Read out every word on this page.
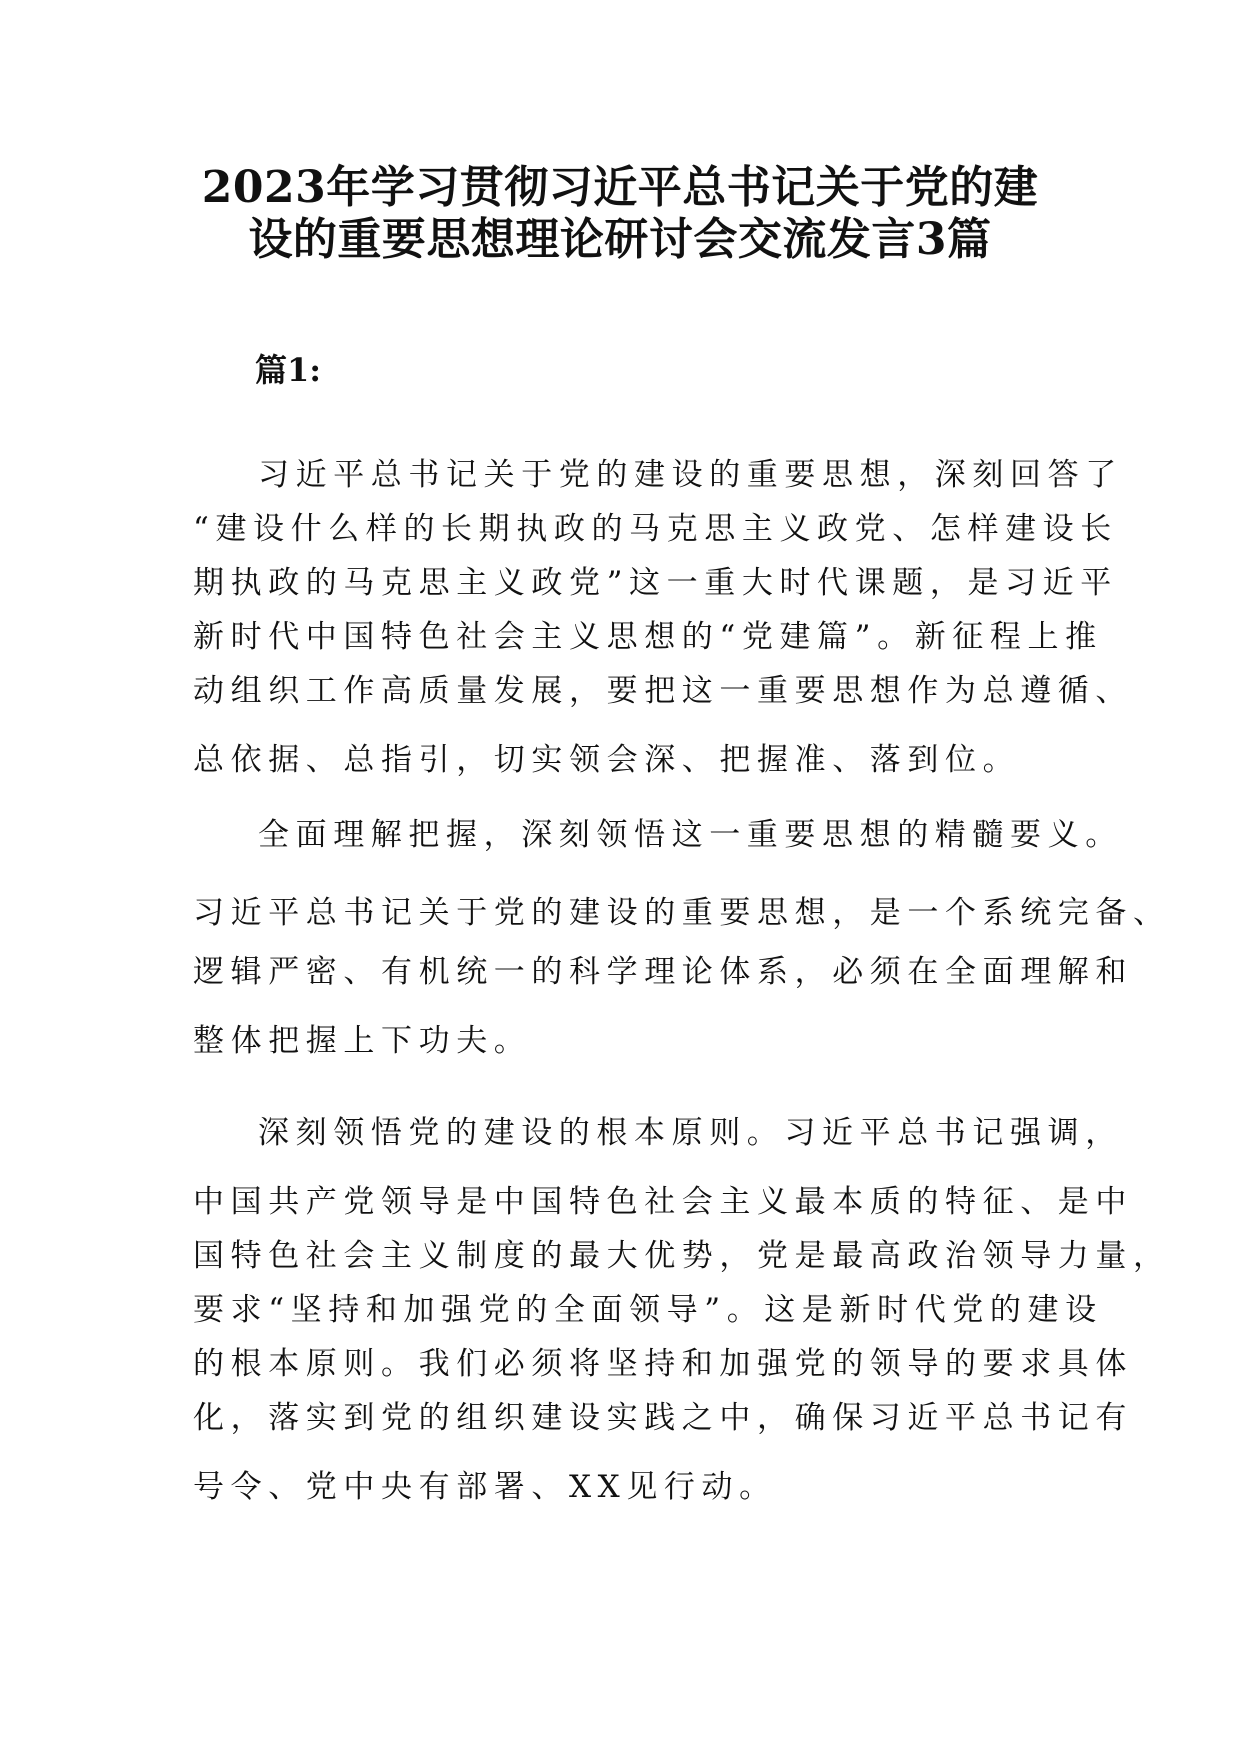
2023年学习贯彻习近平总书记关于党的建
设的重要思想理论研讨会交流发言3篇
篇1:
习近平总书记关于党的建设的重要思想，深刻回答了
“建设什么样的长期执政的马克思主义政党、怎样建设长
期执政的马克思主义政党”这一重大时代课题，是习近平
新时代中国特色社会主义思想的“党建篇”。新征程上推
动组织工作高质量发展，要把这一重要思想作为总遵循、
总依据、总指引，切实领会深、把握准、落到位。
全面理解把握，深刻领悟这一重要思想的精髓要义。
习近平总书记关于党的建设的重要思想，是一个系统完备、
逻辑严密、有机统一的科学理论体系，必须在全面理解和
整体把握上下功夫。
深刻领悟党的建设的根本原则。习近平总书记强调，
中国共产党领导是中国特色社会主义最本质的特征、是中
国特色社会主义制度的最大优势，党是最高政治领导力量，
要求“坚持和加强党的全面领导”。这是新时代党的建设
的根本原则。我们必须将坚持和加强党的领导的要求具体
化，落实到党的组织建设实践之中，确保习近平总书记有
号令、党中央有部署、XX见行动。
